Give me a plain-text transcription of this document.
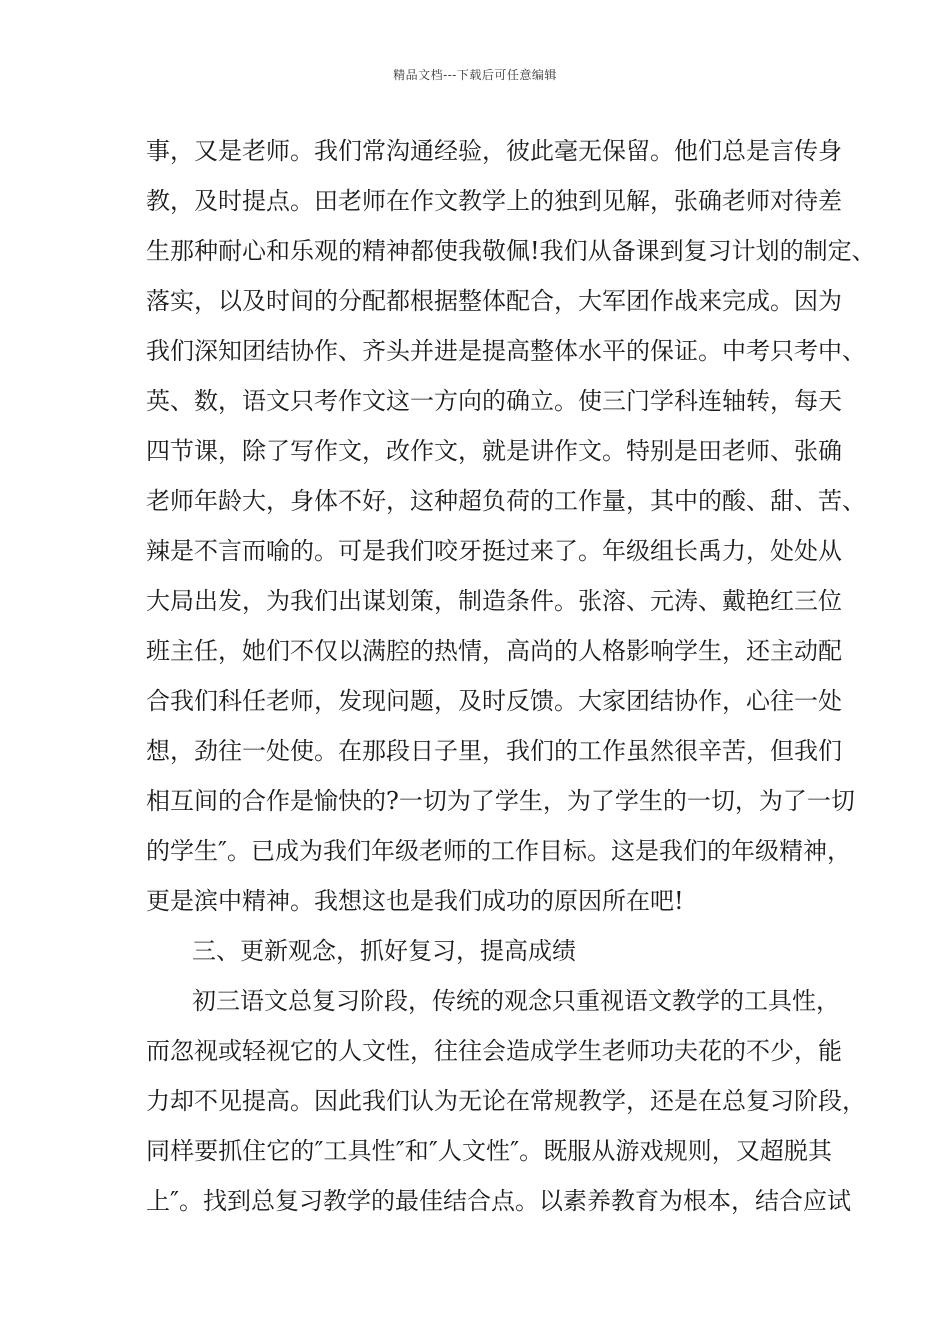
精品文档---下载后可任意编辑
事，又是老师。我们常沟通经验，彼此毫无保留。他们总是言传身
教，及时提点。田老师在作文教学上的独到见解，张确老师对待差
生那种耐心和乐观的精神都使我敬佩!我们从备课到复习计划的制定、
落实，以及时间的分配都根据整体配合，大军团作战来完成。因为
我们深知团结协作、齐头并进是提高整体水平的保证。中考只考中、
英、数，语文只考作文这一方向的确立。使三门学科连轴转，每天
四节课，除了写作文，改作文，就是讲作文。特别是田老师、张确
老师年龄大，身体不好，这种超负荷的工作量，其中的酸、甜、苦、
辣是不言而喻的。可是我们咬牙挺过来了。年级组长禹力，处处从
大局出发，为我们出谋划策，制造条件。张溶、元涛、戴艳红三位
班主任，她们不仅以满腔的热情，高尚的人格影响学生，还主动配
合我们科任老师，发现问题，及时反馈。大家团结协作，心往一处
想，劲往一处使。在那段日子里，我们的工作虽然很辛苦，但我们
相互间的合作是愉快的?一切为了学生，为了学生的一切，为了一切
的学生″。已成为我们年级老师的工作目标。这是我们的年级精神，
更是滨中精神。我想这也是我们成功的原因所在吧!
三、更新观念，抓好复习，提高成绩
初三语文总复习阶段，传统的观念只重视语文教学的工具性，
而忽视或轻视它的人文性，往往会造成学生老师功夫花的不少，能
力却不见提高。因此我们认为无论在常规教学，还是在总复习阶段，
同样要抓住它的″工具性″和″人文性″。既服从游戏规则，又超脱其
上″。找到总复习教学的最佳结合点。以素养教育为根本，结合应试
